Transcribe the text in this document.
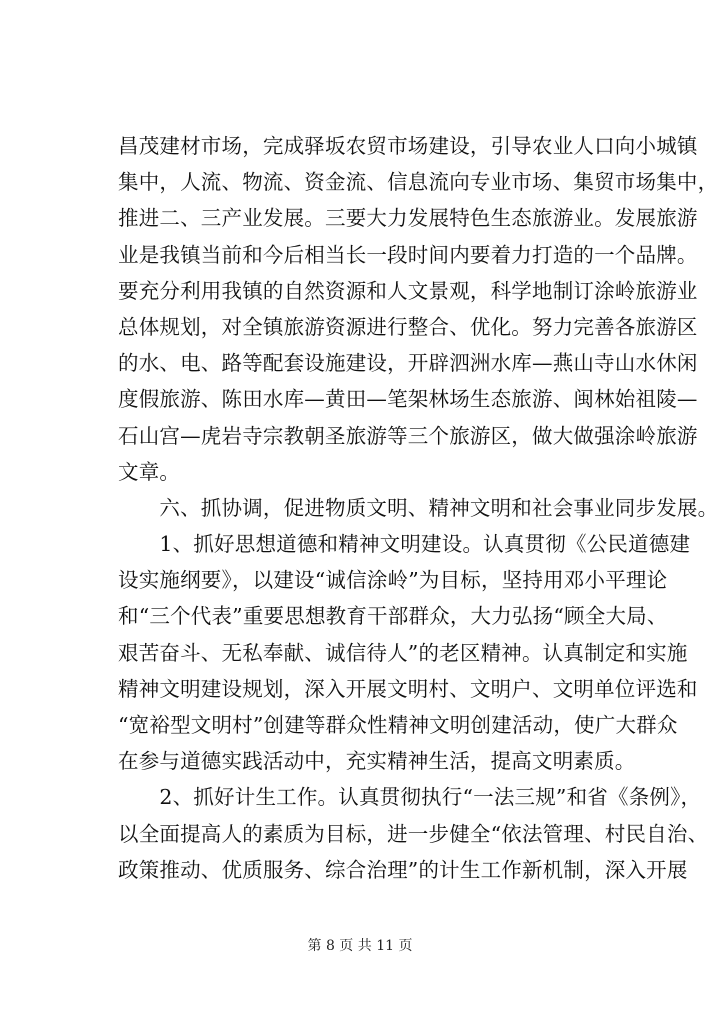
昌茂建材市场，完成驿坂农贸市场建设，引导农业人口向小城镇
集中，人流、物流、资金流、信息流向专业市场、集贸市场集中，
推进二、三产业发展。三要大力发展特色生态旅游业。发展旅游
业是我镇当前和今后相当长一段时间内要着力打造的一个品牌。
要充分利用我镇的自然资源和人文景观，科学地制订涂岭旅游业
总体规划，对全镇旅游资源进行整合、优化。努力完善各旅游区
的水、电、路等配套设施建设，开辟泗洲水库—燕山寺山水休闲
度假旅游、陈田水库—黄田—笔架林场生态旅游、闽林始祖陵—
石山宫—虎岩寺宗教朝圣旅游等三个旅游区，做大做强涂岭旅游
文章。
　　六、抓协调，促进物质文明、精神文明和社会事业同步发展。
　　1、抓好思想道德和精神文明建设。认真贯彻《公民道德建
设实施纲要》，以建设“诚信涂岭”为目标，坚持用邓小平理论
和“三个代表”重要思想教育干部群众，大力弘扬“顾全大局、
艰苦奋斗、无私奉献、诚信待人”的老区精神。认真制定和实施
精神文明建设规划，深入开展文明村、文明户、文明单位评选和
“宽裕型文明村”创建等群众性精神文明创建活动，使广大群众
在参与道德实践活动中，充实精神生活，提高文明素质。
　　2、抓好计生工作。认真贯彻执行“一法三规”和省《条例》，
以全面提高人的素质为目标，进一步健全“依法管理、村民自治、
政策推动、优质服务、综合治理”的计生工作新机制，深入开展
第 8 页 共 11 页
